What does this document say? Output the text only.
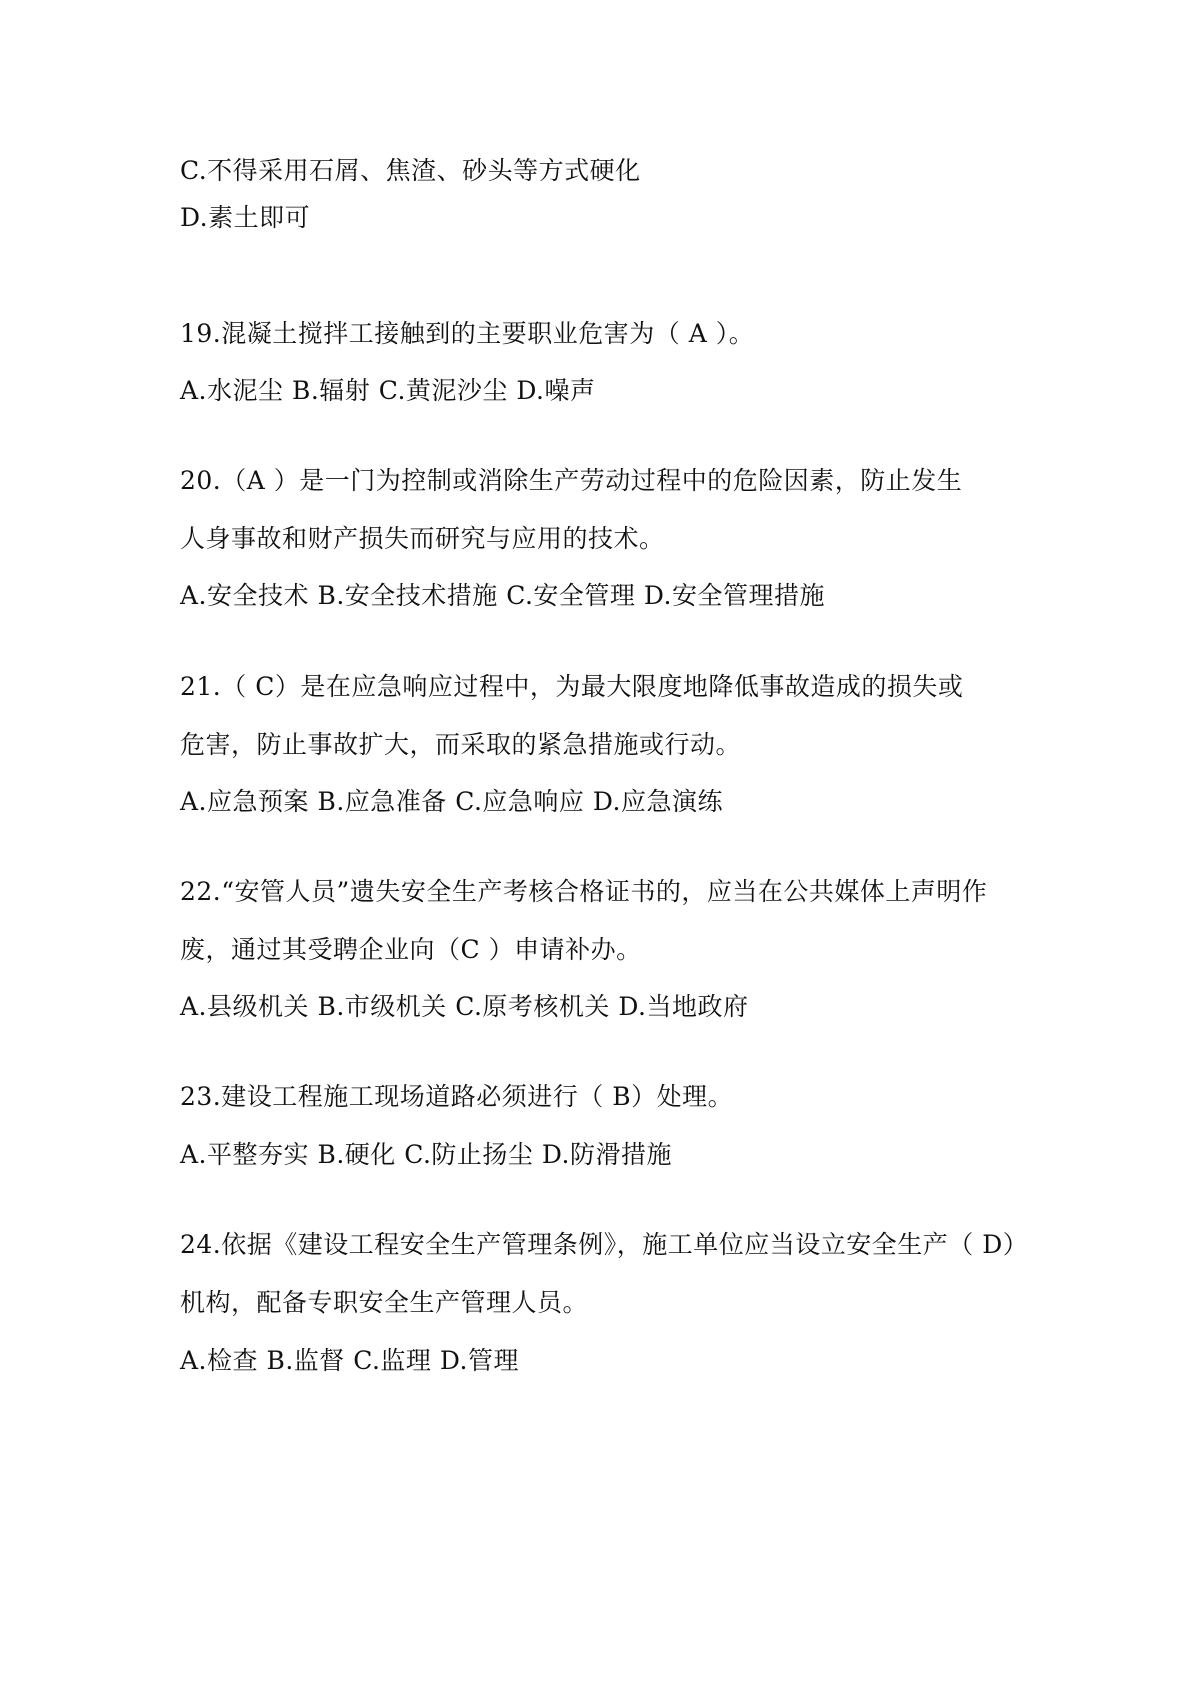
C.不得采用石屑、焦渣、砂头等方式硬化
D.素土即可
19.混凝土搅拌工接触到的主要职业危害为（ A ）。
A.水泥尘 B.辐射 C.黄泥沙尘 D.噪声
20.（A ）是一门为控制或消除生产劳动过程中的危险因素，防止发生
人身事故和财产损失而研究与应用的技术。
A.安全技术 B.安全技术措施 C.安全管理 D.安全管理措施
21.（ C）是在应急响应过程中，为最大限度地降低事故造成的损失或
危害，防止事故扩大，而采取的紧急措施或行动。
A.应急预案 B.应急准备 C.应急响应 D.应急演练
22.“安管人员”遗失安全生产考核合格证书的，应当在公共媒体上声明作
废，通过其受聘企业向（C ）申请补办。
A.县级机关 B.市级机关 C.原考核机关 D.当地政府
23.建设工程施工现场道路必须进行（ B）处理。
A.平整夯实 B.硬化 C.防止扬尘 D.防滑措施
24.依据《建设工程安全生产管理条例》，施工单位应当设立安全生产（ D）
机构，配备专职安全生产管理人员。
A.检查 B.监督 C.监理 D.管理
